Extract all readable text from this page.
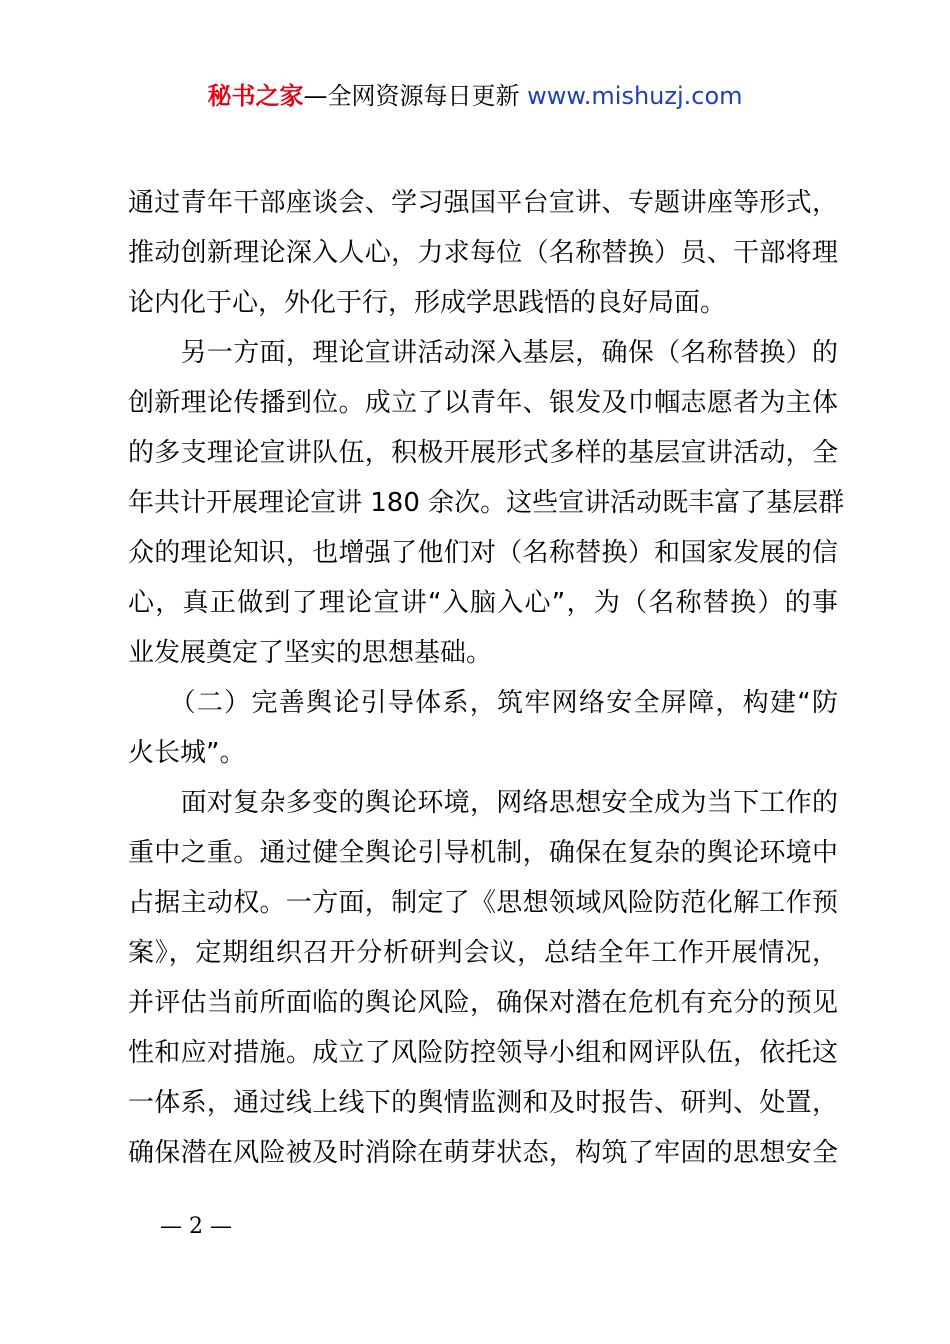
秘书之家—全网资源每日更新 www.mishuzj.com
通过青年干部座谈会、学习强国平台宣讲、专题讲座等形式，
推动创新理论深入人心，力求每位（名称替换）员、干部将理
论内化于心，外化于行，形成学思践悟的良好局面。
　　另一方面，理论宣讲活动深入基层，确保（名称替换）的
创新理论传播到位。成立了以青年、银发及巾帼志愿者为主体
的多支理论宣讲队伍，积极开展形式多样的基层宣讲活动，全
年共计开展理论宣讲 180 余次。这些宣讲活动既丰富了基层群
众的理论知识，也增强了他们对（名称替换）和国家发展的信
心，真正做到了理论宣讲“入脑入心”，为（名称替换）的事
业发展奠定了坚实的思想基础。
　　（二）完善舆论引导体系，筑牢网络安全屏障，构建“防
火长城”。
　　面对复杂多变的舆论环境，网络思想安全成为当下工作的
重中之重。通过健全舆论引导机制，确保在复杂的舆论环境中
占据主动权。一方面，制定了《思想领域风险防范化解工作预
案》，定期组织召开分析研判会议，总结全年工作开展情况，
并评估当前所面临的舆论风险，确保对潜在危机有充分的预见
性和应对措施。成立了风险防控领导小组和网评队伍，依托这
一体系，通过线上线下的舆情监测和及时报告、研判、处置，
确保潜在风险被及时消除在萌芽状态，构筑了牢固的思想安全
— 2 —
